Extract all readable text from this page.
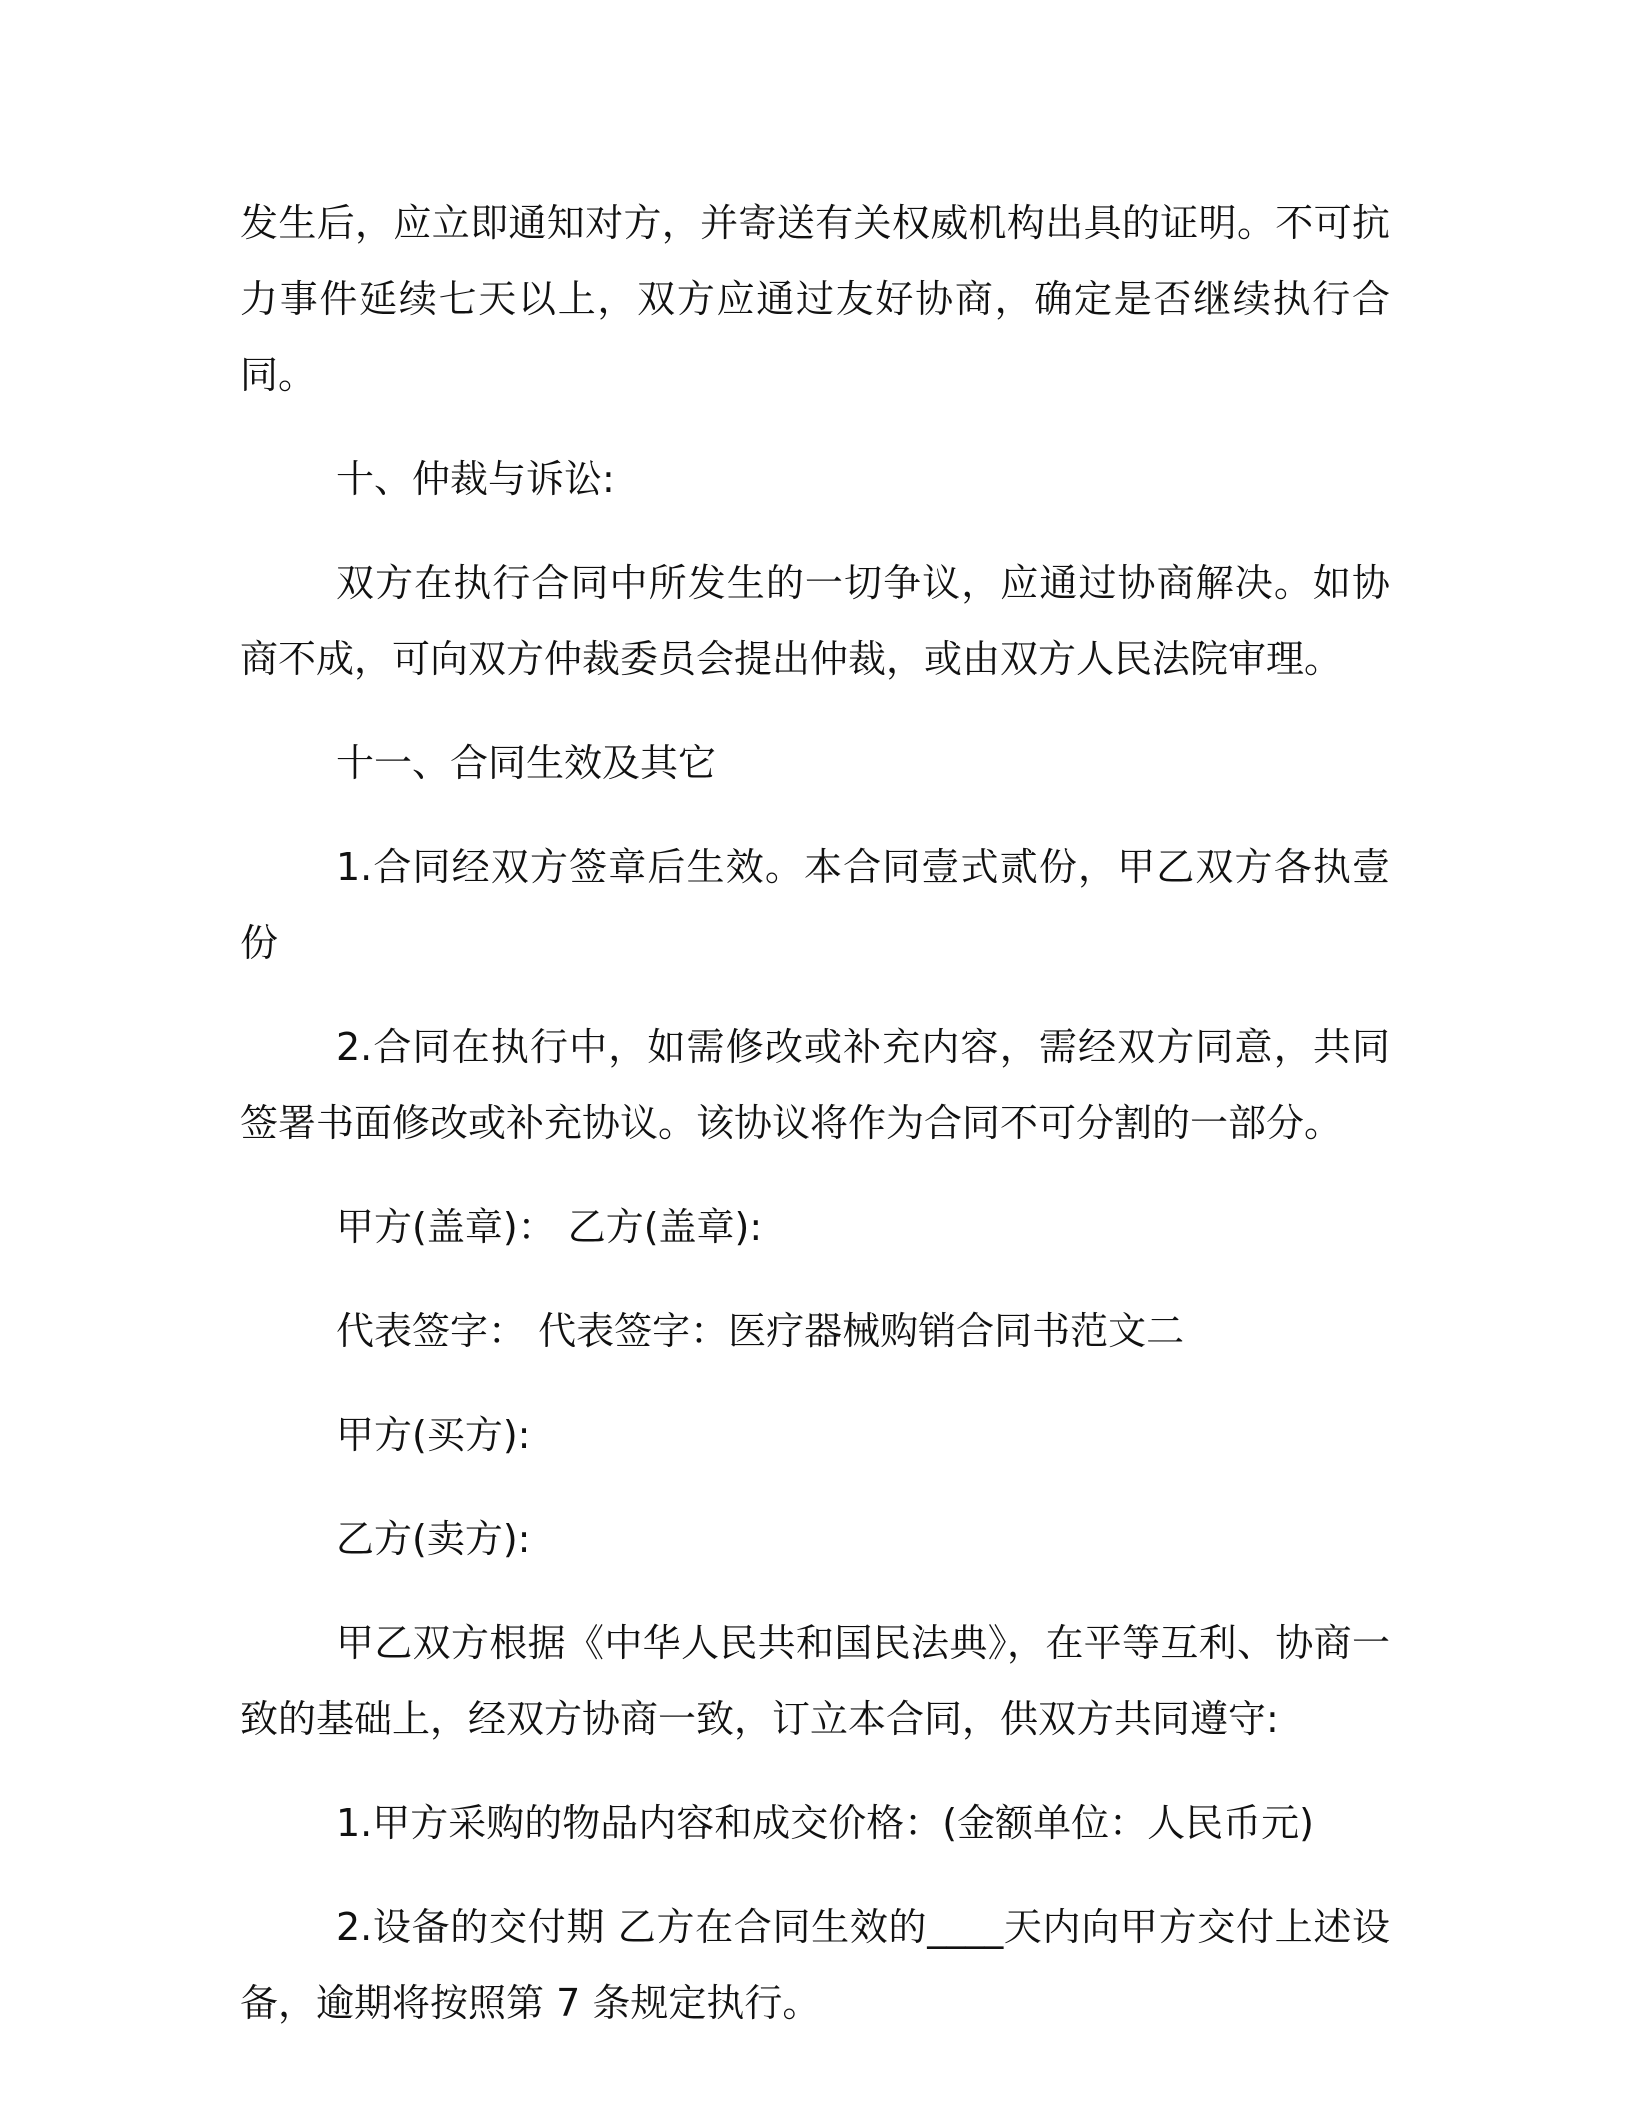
发生后，应立即通知对方，并寄送有关权威机构出具的证明。不可抗力事件延续七天以上，双方应通过友好协商，确定是否继续执行合同。

十、仲裁与诉讼:

双方在执行合同中所发生的一切争议，应通过协商解决。如协商不成，可向双方仲裁委员会提出仲裁，或由双方人民法院审理。

十一、合同生效及其它

1.合同经双方签章后生效。本合同壹式贰份，甲乙双方各执壹份

2.合同在执行中，如需修改或补充内容，需经双方同意，共同签署书面修改或补充协议。该协议将作为合同不可分割的一部分。

甲方(盖章)： 乙方(盖章):

代表签字： 代表签字：医疗器械购销合同书范文二

甲方(买方):

乙方(卖方):

甲乙双方根据《中华人民共和国民法典》，在平等互利、协商一致的基础上，经双方协商一致，订立本合同，供双方共同遵守:

1.甲方采购的物品内容和成交价格：(金额单位：人民币元)

2.设备的交付期 乙方在合同生效的____天内向甲方交付上述设备，逾期将按照第 7 条规定执行。
